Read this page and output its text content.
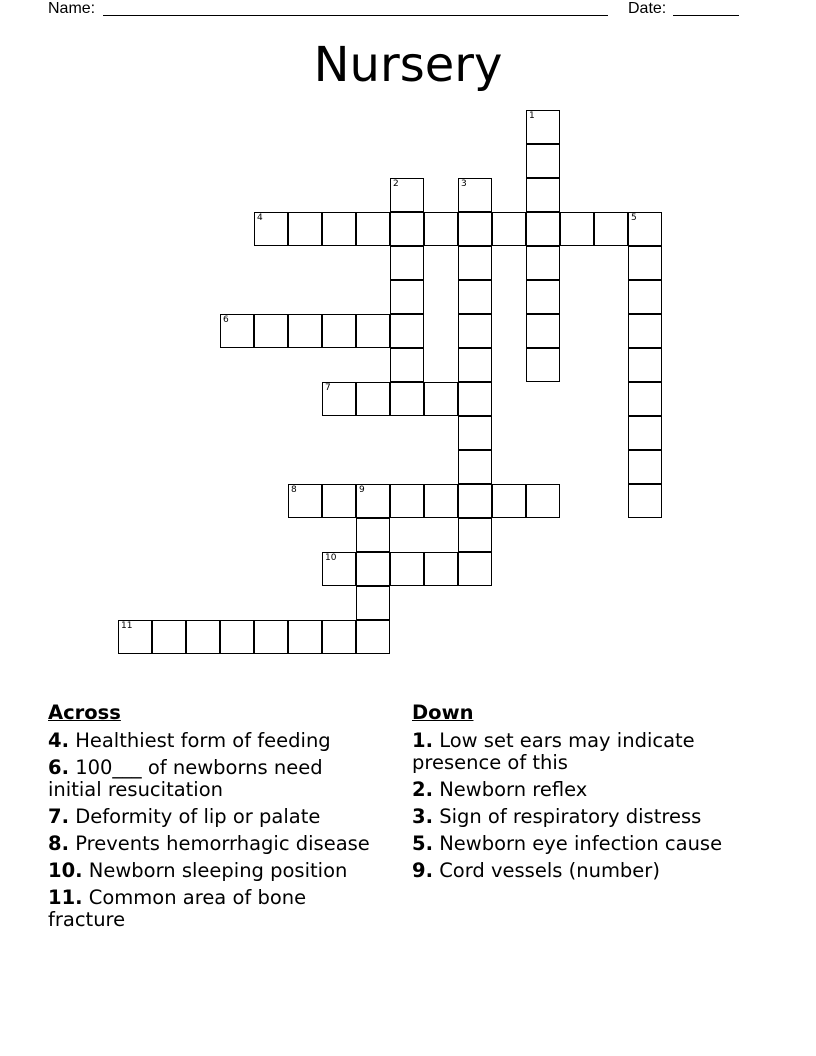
Name:	Date:
Nursery
1
2	3
4	5
6
7
8	9
10
11
Across
4. Healthiest form of feeding
6. 100___ of newborns need initial resucitation
7. Deformity of lip or palate
8. Prevents hemorrhagic disease
10. Newborn sleeping position
11. Common area of bone fracture
Down
1. Low set ears may indicate presence of this
2. Newborn reflex
3. Sign of respiratory distress
5. Newborn eye infection cause
9. Cord vessels (number)
